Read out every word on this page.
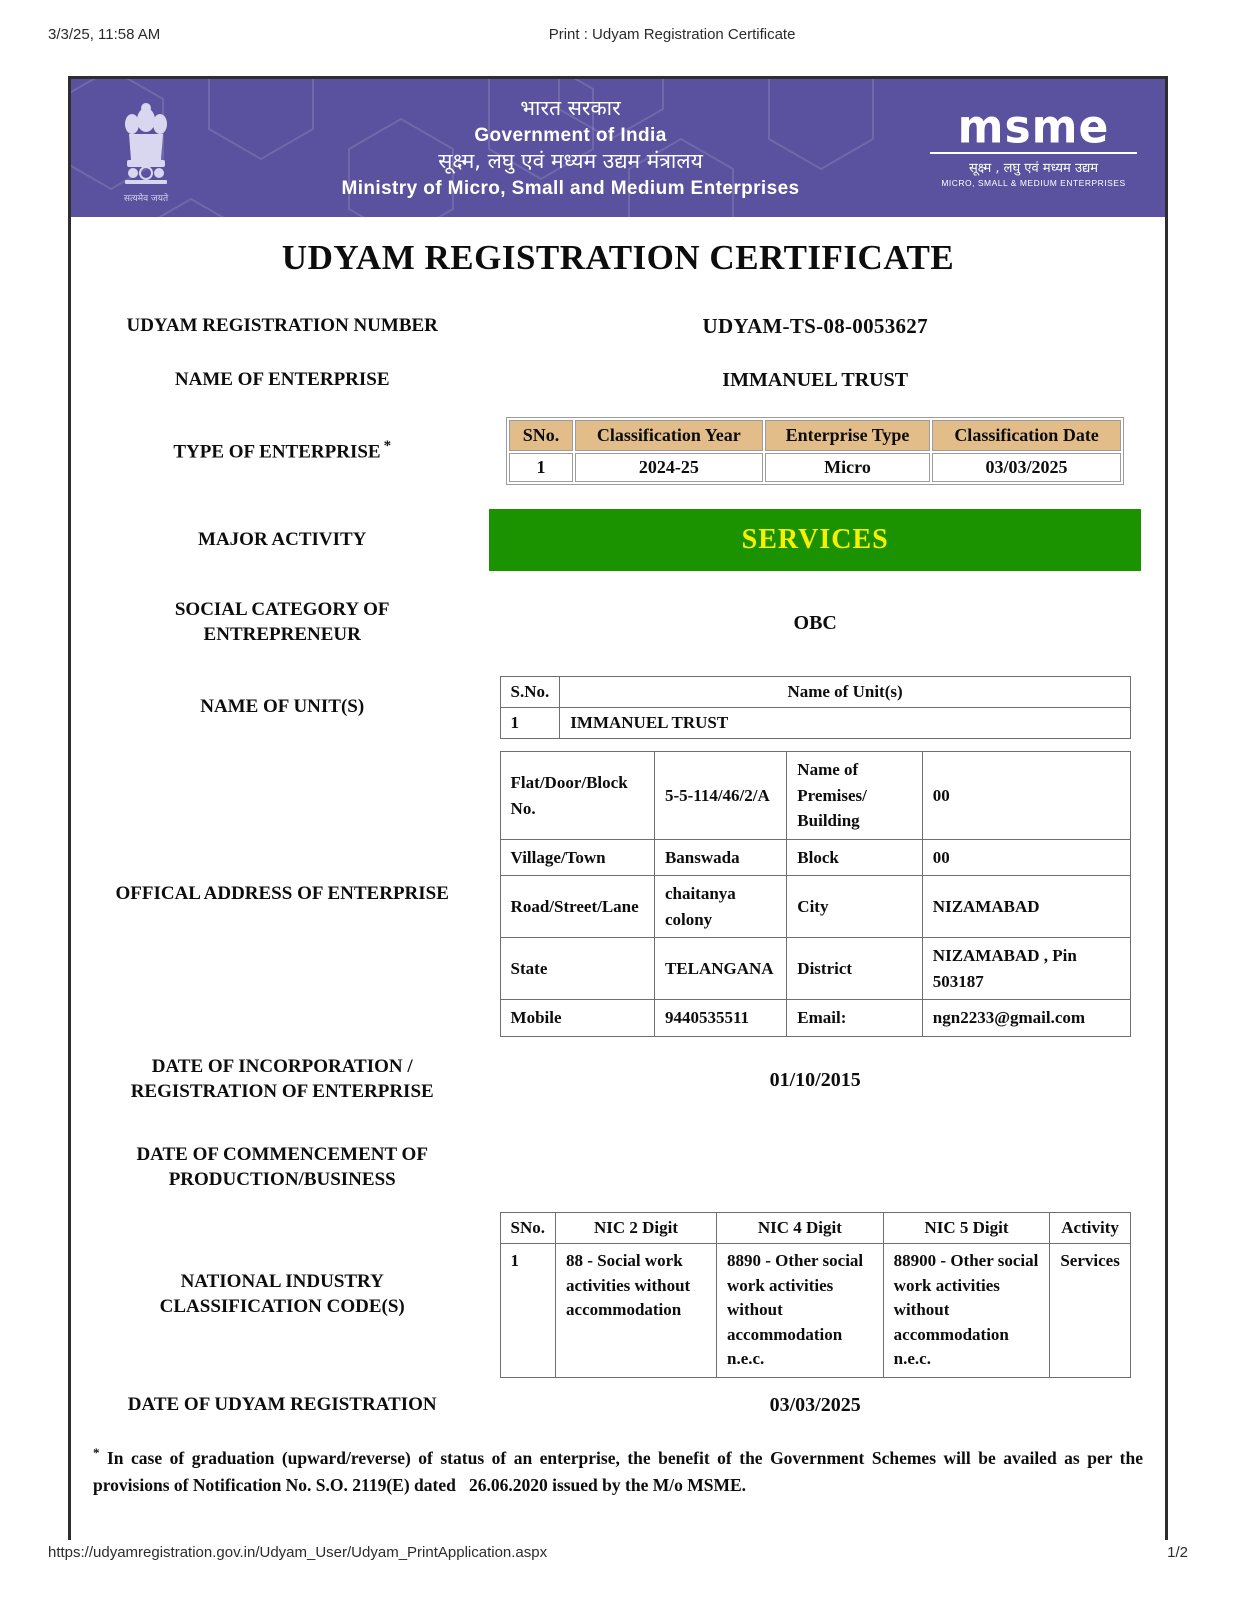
3/3/25, 11:58 AM	Print : Udyam Registration Certificate

सत्यमेव जयते
भारत सरकार
Government of India
सूक्ष्म, लघु एवं मध्यम उद्यम मंत्रालय
Ministry of Micro, Small and Medium Enterprises
msme
सूक्ष्म , लघु एवं मध्यम उद्यम
MICRO, SMALL & MEDIUM ENTERPRISES
UDYAM REGISTRATION CERTIFICATE
UDYAM REGISTRATION NUMBER	UDYAM-TS-08-0053627
NAME OF ENTERPRISE	IMMANUEL TRUST
TYPE OF ENTERPRISE *
SNo.	Classification Year	Enterprise Type	Classification Date
1	2024-25	Micro	03/03/2025
MAJOR ACTIVITY	SERVICES
SOCIAL CATEGORY OF ENTREPRENEUR
OBC
NAME OF UNIT(S)
S.No.	Name of Unit(s)
1	IMMANUEL TRUST
OFFICAL ADDRESS OF ENTERPRISE
Flat/Door/Block No.	5-5-114/46/2/A	Name of Premises/ Building	00
Village/Town	Banswada	Block	00
Road/Street/Lane	chaitanya colony	City	NIZAMABAD
State	TELANGANA	District	NIZAMABAD , Pin 503187
Mobile	9440535511	Email:	ngn2233@gmail.com
DATE OF INCORPORATION / REGISTRATION OF ENTERPRISE
01/10/2015
DATE OF COMMENCEMENT OF PRODUCTION/BUSINESS
NATIONAL INDUSTRY CLASSIFICATION CODE(S)
SNo.	NIC 2 Digit	NIC 4 Digit	NIC 5 Digit	Activity
1	88 - Social work activities without accommodation	8890 - Other social work activities without accommodation n.e.c.	88900 - Other social work activities without accommodation n.e.c.	Services
DATE OF UDYAM REGISTRATION	03/03/2025
* In case of graduation (upward/reverse) of status of an enterprise, the benefit of the Government Schemes will be availed as per the provisions of Notification No. S.O. 2119(E) dated   26.06.2020 issued by the M/o MSME.
https://udyamregistration.gov.in/Udyam_User/Udyam_PrintApplication.aspx
	1/2
